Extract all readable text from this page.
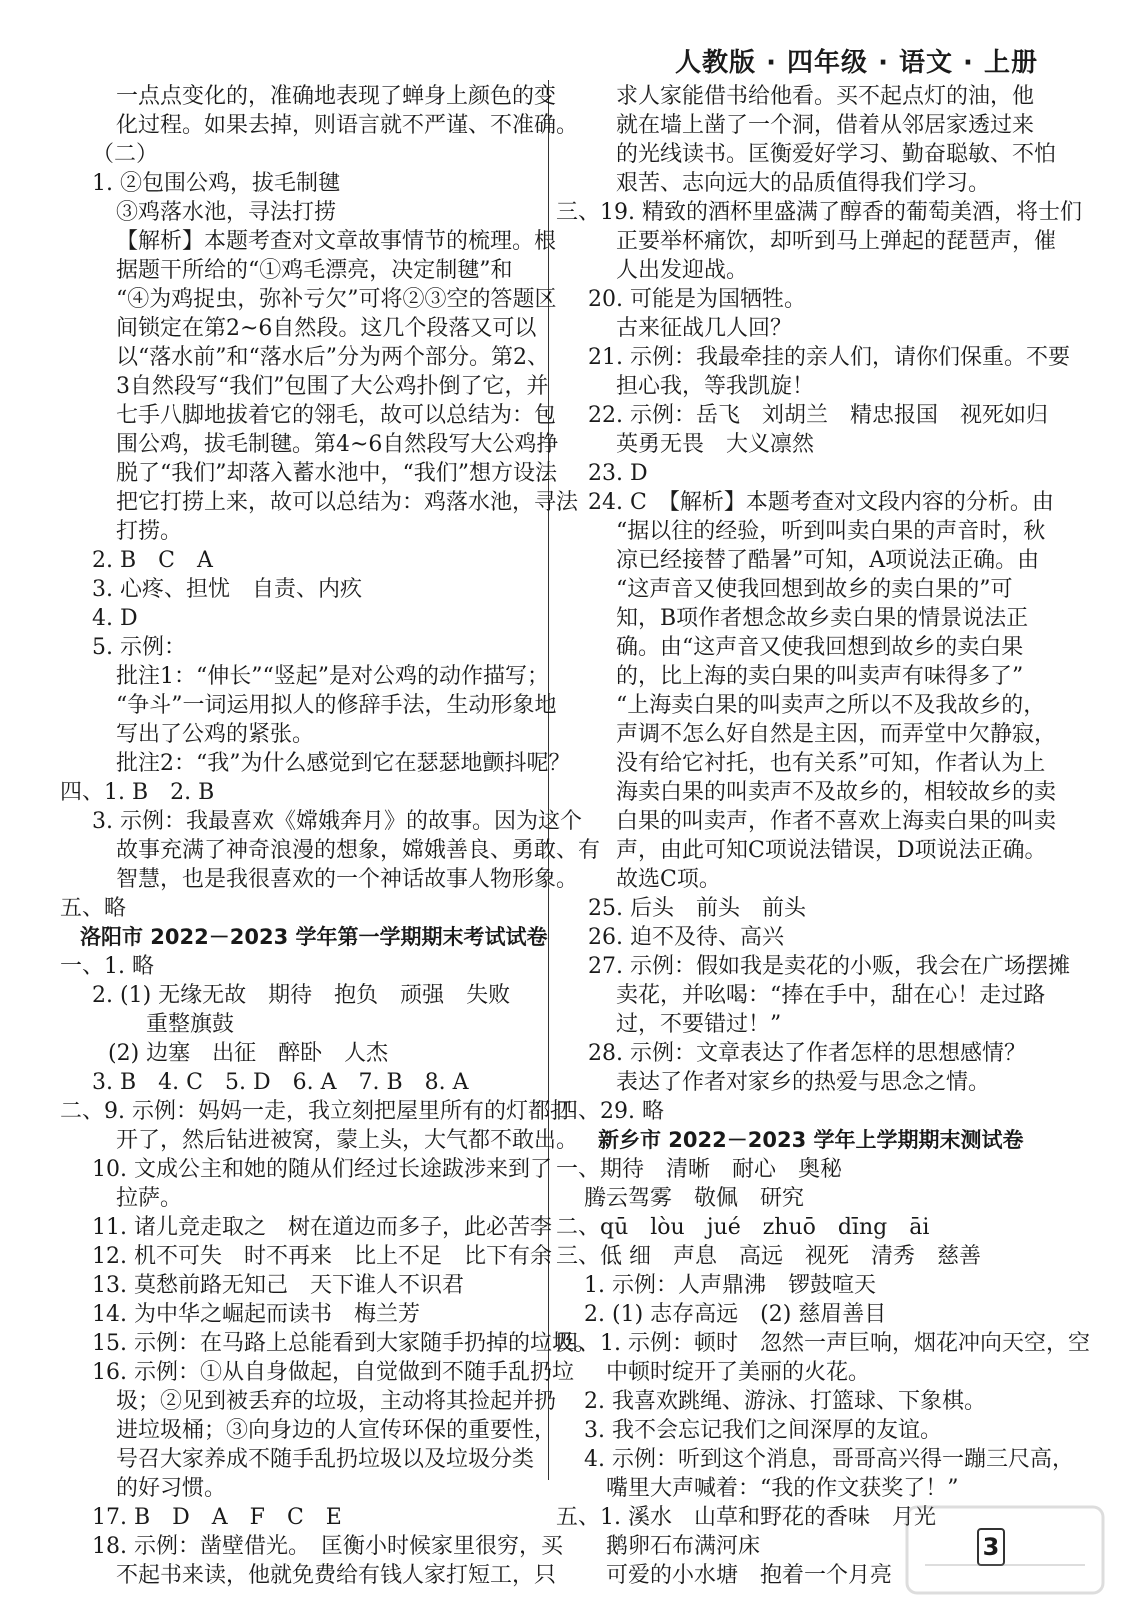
人教版 · 四年级 · 语文 · 上册
一点点变化的，准确地表现了蝉身上颜色的变
化过程。如果去掉，则语言就不严谨、不准确。
（二）
1. ②包围公鸡，拔毛制毽
③鸡落水池，寻法打捞
【解析】本题考查对文章故事情节的梳理。根
据题干所给的“①鸡毛漂亮，决定制毽”和
“④为鸡捉虫，弥补亏欠”可将②③空的答题区
间锁定在第2~6自然段。这几个段落又可以
以“落水前”和“落水后”分为两个部分。第2、
3自然段写“我们”包围了大公鸡扑倒了它，并
七手八脚地拔着它的翎毛，故可以总结为：包
围公鸡，拔毛制毽。第4~6自然段写大公鸡挣
脱了“我们”却落入蓄水池中，“我们”想方设法
把它打捞上来，故可以总结为：鸡落水池，寻法
打捞。
2. B　C　A
3. 心疼、担忧　自责、内疚
4. D
5. 示例：
批注1：“伸长”“竖起”是对公鸡的动作描写；
“争斗”一词运用拟人的修辞手法，生动形象地
写出了公鸡的紧张。
批注2：“我”为什么感觉到它在瑟瑟地颤抖呢？
四、1. B　2. B
3. 示例：我最喜欢《嫦娥奔月》的故事。因为这个
故事充满了神奇浪漫的想象，嫦娥善良、勇敢、有
智慧，也是我很喜欢的一个神话故事人物形象。
五、略
洛阳市 2022－2023 学年第一学期期末考试试卷
一、1. 略
2. (1) 无缘无故　期待　抱负　顽强　失败
重整旗鼓
(2) 边塞　出征　醉卧　人杰
3. B　4. C　5. D　6. A　7. B　8. A
二、9. 示例：妈妈一走，我立刻把屋里所有的灯都打
开了，然后钻进被窝，蒙上头，大气都不敢出。
10. 文成公主和她的随从们经过长途跋涉来到了
拉萨。
11. 诸儿竞走取之　树在道边而多子，此必苦李
12. 机不可失　时不再来　比上不足　比下有余
13. 莫愁前路无知己　天下谁人不识君
14. 为中华之崛起而读书　梅兰芳
15. 示例：在马路上总能看到大家随手扔掉的垃圾。
16. 示例：①从自身做起，自觉做到不随手乱扔垃
圾；②见到被丢弃的垃圾，主动将其捡起并扔
进垃圾桶；③向身边的人宣传环保的重要性，
号召大家养成不随手乱扔垃圾以及垃圾分类
的好习惯。
17. B　D　A　F　C　E
18. 示例：凿壁借光。　匡衡小时候家里很穷，买
不起书来读，他就免费给有钱人家打短工，只
求人家能借书给他看。买不起点灯的油，他
就在墙上凿了一个洞，借着从邻居家透过来
的光线读书。匡衡爱好学习、勤奋聪敏、不怕
艰苦、志向远大的品质值得我们学习。
三、19. 精致的酒杯里盛满了醇香的葡萄美酒，将士们
正要举杯痛饮，却听到马上弹起的琵琶声，催
人出发迎战。
20. 可能是为国牺牲。
古来征战几人回？
21. 示例：我最牵挂的亲人们，请你们保重。不要
担心我，等我凯旋！
22. 示例：岳飞　刘胡兰　精忠报国　视死如归
英勇无畏　大义凛然
23. D
24. C　【解析】本题考查对文段内容的分析。由
“据以往的经验，听到叫卖白果的声音时，秋
凉已经接替了酷暑”可知，A项说法正确。由
“这声音又使我回想到故乡的卖白果的”可
知，B项作者想念故乡卖白果的情景说法正
确。由“这声音又使我回想到故乡的卖白果
的，比上海的卖白果的叫卖声有味得多了”
“上海卖白果的叫卖声之所以不及我故乡的，
声调不怎么好自然是主因，而弄堂中欠静寂，
没有给它衬托，也有关系”可知，作者认为上
海卖白果的叫卖声不及故乡的，相较故乡的卖
白果的叫卖声，作者不喜欢上海卖白果的叫卖
声，由此可知C项说法错误，D项说法正确。
故选C项。
25. 后头　前头　前头
26. 迫不及待、高兴
27. 示例：假如我是卖花的小贩，我会在广场摆摊
卖花，并吆喝：“捧在手中，甜在心！走过路
过，不要错过！”
28. 示例：文章表达了作者怎样的思想感情？
表达了作者对家乡的热爱与思念之情。
四、29. 略
新乡市 2022－2023 学年上学期期末测试卷
一、期待　清晰　耐心　奥秘
腾云驾雾　敬佩　研究
二、qū　lòu　jué　zhuō　dīng　āi
三、低 细　声息　高远　视死　清秀　慈善
1. 示例：人声鼎沸　锣鼓喧天
2. (1) 志存高远　(2) 慈眉善目
四、1. 示例：顿时　忽然一声巨响，烟花冲向天空，空
中顿时绽开了美丽的火花。
2. 我喜欢跳绳、游泳、打篮球、下象棋。
3. 我不会忘记我们之间深厚的友谊。
4. 示例：听到这个消息，哥哥高兴得一蹦三尺高，
嘴里大声喊着：“我的作文获奖了！”
五、1. 溪水　山草和野花的香味　月光
鹅卵石布满河床
可爱的小水塘　抱着一个月亮
3
